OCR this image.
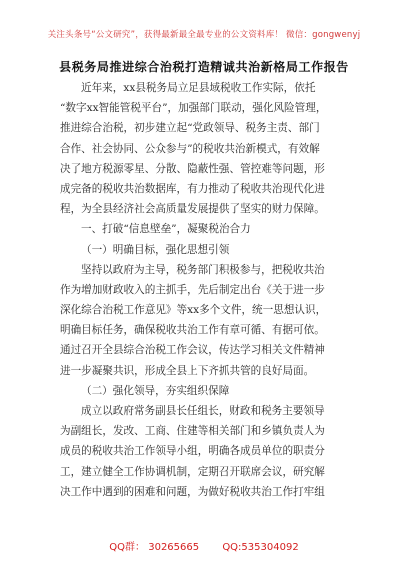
关注头条号“公文研究”，获得最新最全最专业的公文资料库！ 微信：gongwenyj
县税务局推进综合治税打造精诚共治新格局工作报告
近年来，xx县税务局立足县域税收工作实际，依托
“数字xx智能管税平台”，加强部门联动，强化风险管理，
推进综合治税，初步建立起“党政领导、税务主责、部门
合作、社会协同、公众参与”的税收共治新模式，有效解
决了地方税源零星、分散、隐蔽性强、管控难等问题，形
成完备的税收共治数据库，有力推动了税收共治现代化进
程，为全县经济社会高质量发展提供了坚实的财力保障。
一、打破“信息壁垒”，凝聚税治合力
（一）明确目标，强化思想引领
坚持以政府为主导，税务部门积极参与，把税收共治
作为增加财政收入的主抓手，先后制定出台《关于进一步
深化综合治税工作意见》等xx多个文件，统一思想认识，
明确目标任务，确保税收共治工作有章可循、有据可依。
通过召开全县综合治税工作会议，传达学习相关文件精神
进一步凝聚共识，形成全县上下齐抓共管的良好局面。
（二）强化领导，夯实组织保障
成立以政府常务副县长任组长，财政和税务主要领导
为副组长，发改、工商、住建等相关部门和乡镇负责人为
成员的税收共治工作领导小组，明确各成员单位的职责分
工，建立健全工作协调机制，定期召开联席会议，研究解
决工作中遇到的困难和问题，为做好税收共治工作打牢组
QQ群： 30265665 QQ:535304092
